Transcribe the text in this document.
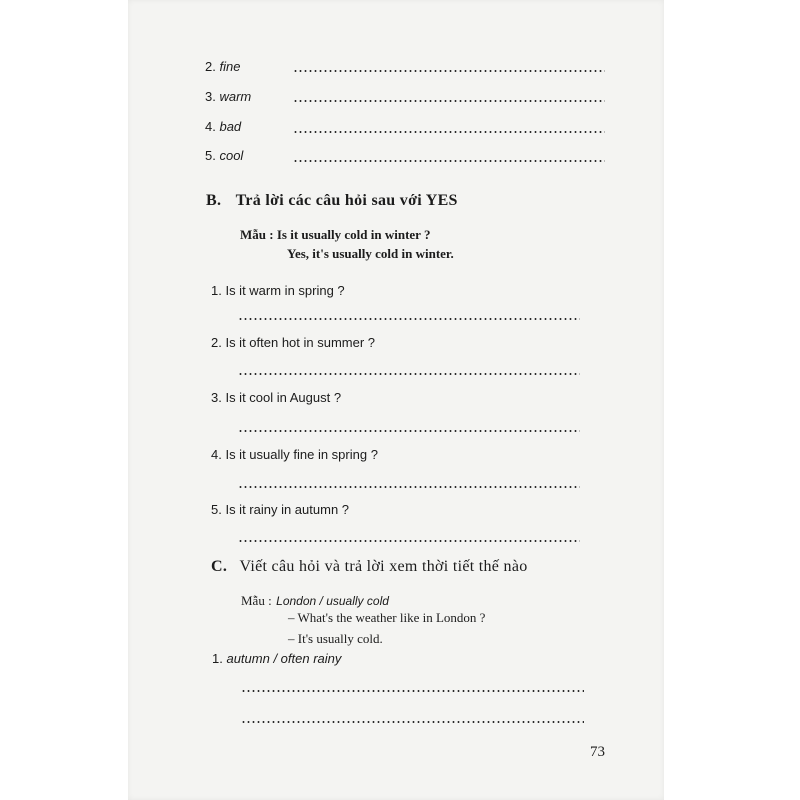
2. fine
3. warm
4. bad
5. cool
B. Trả lời các câu hỏi sau với YES
Mẫu : Is it usually cold in winter ?
Yes, it's usually cold in winter.
1. Is it warm in spring ?
2. Is it often hot in summer ?
3. Is it cool in August ?
4. Is it usually fine in spring ?
5. Is it rainy in autumn ?
C. Viết câu hỏi và trả lời xem thời tiết thế nào
Mẫu : London / usually cold
– What's the weather like in London ?
– It's usually cold.
1. autumn / often rainy
73
